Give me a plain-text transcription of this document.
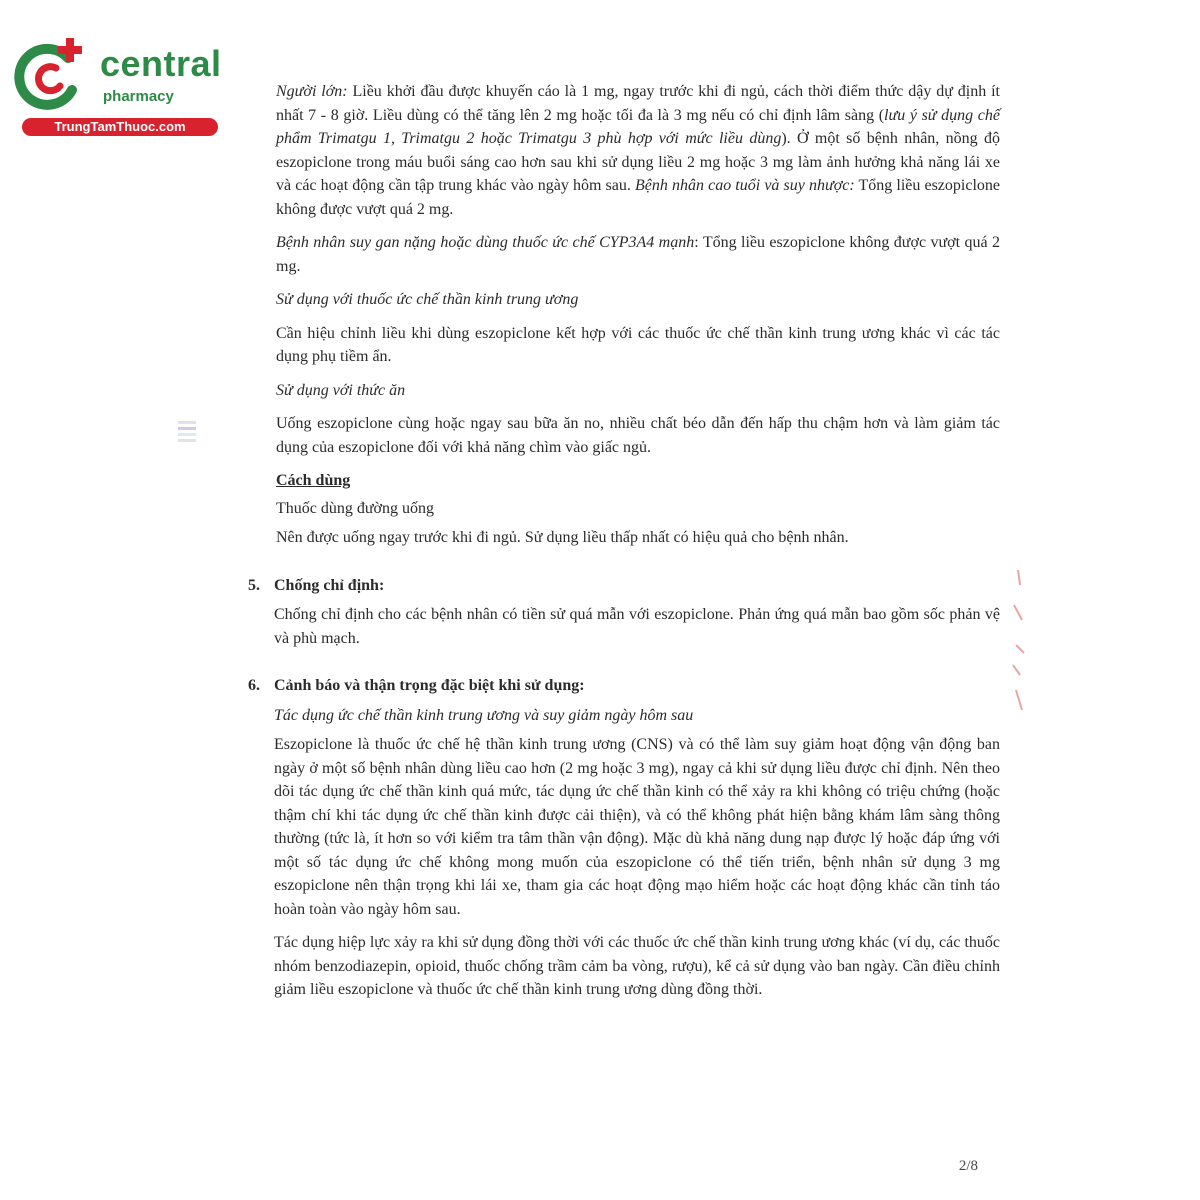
central
pharmacy
TrungTamThuoc.com

Người lớn: Liều khởi đầu được khuyến cáo là 1 mg, ngay trước khi đi ngủ, cách thời điểm thức dậy dự định ít nhất 7 - 8 giờ. Liều dùng có thể tăng lên 2 mg hoặc tối đa là 3 mg nếu có chỉ định lâm sàng (lưu ý sử dụng chế phẩm Trimatgu 1, Trimatgu 2 hoặc Trimatgu 3 phù hợp với mức liều dùng). Ở một số bệnh nhân, nồng độ eszopiclone trong máu buổi sáng cao hơn sau khi sử dụng liều 2 mg hoặc 3 mg làm ảnh hưởng khả năng lái xe và các hoạt động cần tập trung khác vào ngày hôm sau. Bệnh nhân cao tuổi và suy nhược: Tổng liều eszopiclone không được vượt quá 2 mg.

Bệnh nhân suy gan nặng hoặc dùng thuốc ức chế CYP3A4 mạnh: Tổng liều eszopiclone không được vượt quá 2 mg.

Sử dụng với thuốc ức chế thần kinh trung ương

Cần hiệu chỉnh liều khi dùng eszopiclone kết hợp với các thuốc ức chế thần kinh trung ương khác vì các tác dụng phụ tiềm ẩn.

Sử dụng với thức ăn

Uống eszopiclone cùng hoặc ngay sau bữa ăn no, nhiều chất béo dẫn đến hấp thu chậm hơn và làm giảm tác dụng của eszopiclone đối với khả năng chìm vào giấc ngủ.

Cách dùng

Thuốc dùng đường uống

Nên được uống ngay trước khi đi ngủ. Sử dụng liều thấp nhất có hiệu quả cho bệnh nhân.

5. Chống chỉ định:

Chống chỉ định cho các bệnh nhân có tiền sử quá mẫn với eszopiclone. Phản ứng quá mẫn bao gồm sốc phản vệ và phù mạch.

6. Cảnh báo và thận trọng đặc biệt khi sử dụng:

Tác dụng ức chế thần kinh trung ương và suy giảm ngày hôm sau

Eszopiclone là thuốc ức chế hệ thần kinh trung ương (CNS) và có thể làm suy giảm hoạt động vận động ban ngày ở một số bệnh nhân dùng liều cao hơn (2 mg hoặc 3 mg), ngay cả khi sử dụng liều được chỉ định. Nên theo dõi tác dụng ức chế thần kinh quá mức, tác dụng ức chế thần kinh có thể xảy ra khi không có triệu chứng (hoặc thậm chí khi tác dụng ức chế thần kinh được cải thiện), và có thể không phát hiện bằng khám lâm sàng thông thường (tức là, ít hơn so với kiểm tra tâm thần vận động). Mặc dù khả năng dung nạp được lý hoặc đáp ứng với một số tác dụng ức chế không mong muốn của eszopiclone có thể tiến triển, bệnh nhân sử dụng 3 mg eszopiclone nên thận trọng khi lái xe, tham gia các hoạt động mạo hiểm hoặc các hoạt động khác cần tỉnh táo hoàn toàn vào ngày hôm sau.

Tác dụng hiệp lực xảy ra khi sử dụng đồng thời với các thuốc ức chế thần kinh trung ương khác (ví dụ, các thuốc nhóm benzodiazepin, opioid, thuốc chống trầm cảm ba vòng, rượu), kể cả sử dụng vào ban ngày. Cần điều chỉnh giảm liều eszopiclone và thuốc ức chế thần kinh trung ương dùng đồng thời.

2/8
